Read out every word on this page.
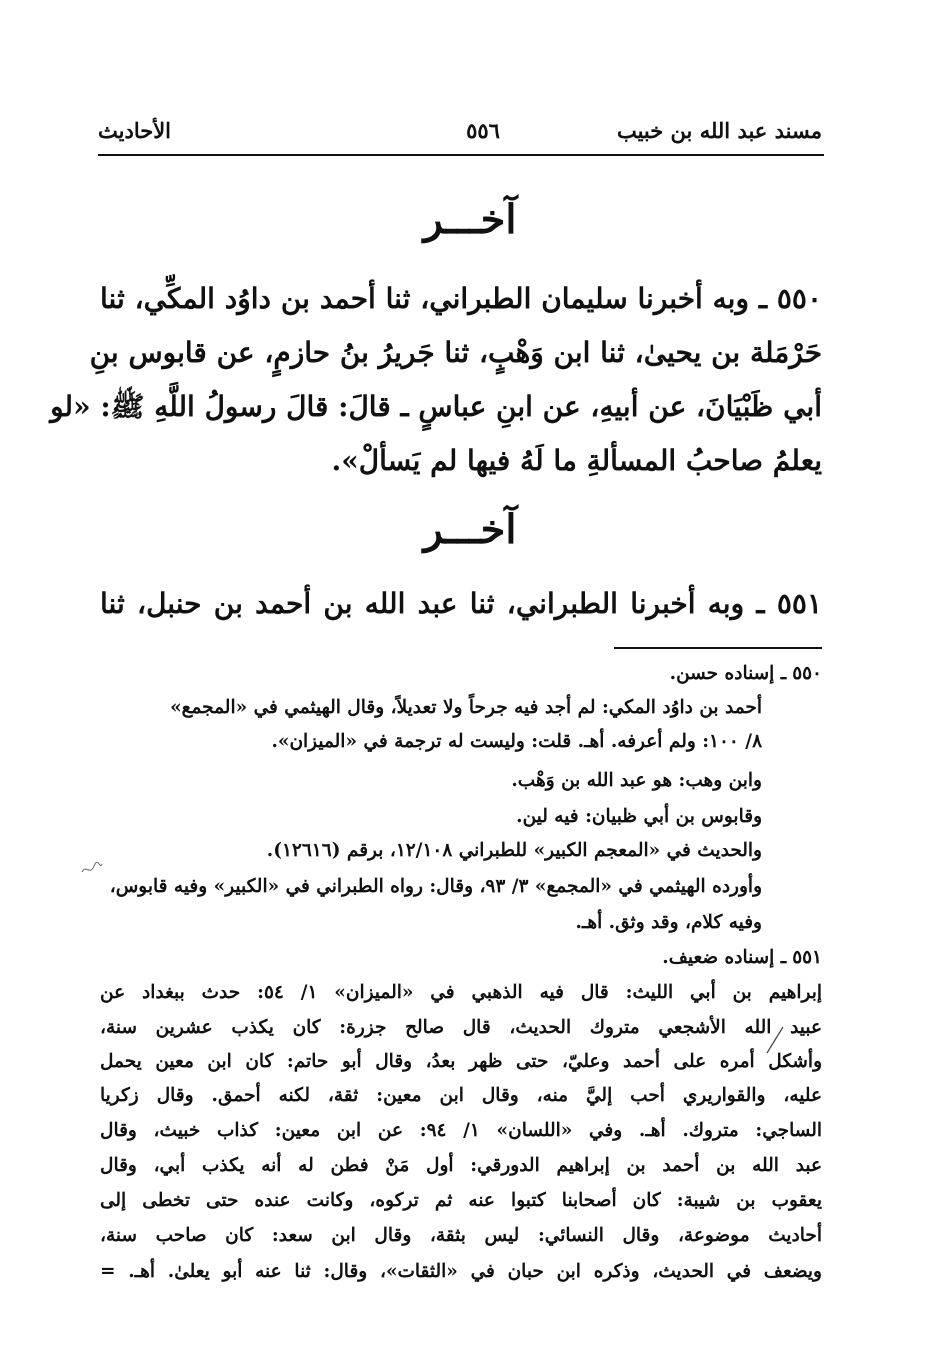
مسند عبد الله بن خبيب
٥٥٦
الأحاديث
آخـــر
٥٥٠ ـ وبه أخبرنا سليمان الطبراني، ثنا أحمد بن داوُد المكِّي، ثنا
حَرْمَلة بن يحيىٰ، ثنا ابن وَهْبٍ، ثنا جَريرُ بنُ حازمٍ، عن قابوس بنِ
أبي ظَبْيَانَ، عن أبيهِ، عن ابنِ عباسٍ ـ قالَ: قالَ رسولُ اللَّهِ ﷺ: «لو
يعلمُ صاحبُ المسألةِ ما لَهُ فيها لم يَسألْ».
آخـــر
٥٥١ ـ وبه أخبرنا الطبراني، ثنا عبد الله بن أحمد بن حنبل، ثنا
٥٥٠ـ إسناده حسن.
أحمد بن داوُد المكي: لم أجد فيه جرحاً ولا تعديلاً، وقال الهيثمي في «المجمع»
٨/ ١٠٠: ولم أعرفه. أهـ. قلت: وليست له ترجمة في «الميزان».
وابن وهب: هو عبد الله بن وَهْب.
وقابوس بن أبي ظبيان: فيه لين.
والحديث في «المعجم الكبير» للطبراني ١٢/١٠٨، برقم (١٢٦١٦).
وأورده الهيثمي في «المجمع» ٣/ ٩٣، وقال: رواه الطبراني في «الكبير» وفيه قابوس،
وفيه كلام، وقد وثق. أهـ.
٥٥١ـ إسناده ضعيف.
إبراهيم بن أبي الليث: قال فيه الذهبي في «الميزان» ١/ ٥٤: حدث ببغداد عن
عبيد الله الأشجعي متروك الحديث، قال صالح جزرة: كان يكذب عشرين سنة،
وأشكل أمره على أحمد وعليّ، حتى ظهر بعدُ، وقال أبو حاتم: كان ابن معين يحمل
عليه، والقواريري أحب إليَّ منه، وقال ابن معين: ثقة، لكنه أحمق. وقال زكريا
الساجي: متروك. أهـ. وفي «اللسان» ١/ ٩٤: عن ابن معين: كذاب خبيث، وقال
عبد الله بن أحمد بن إبراهيم الدورقي: أول مَنْ فطن له أنه يكذب أبي، وقال
يعقوب بن شيبة: كان أصحابنا كتبوا عنه ثم تركوه، وكانت عنده حتى تخطى إلى
أحاديث موضوعة، وقال النسائي: ليس بثقة، وقال ابن سعد: كان صاحب سنة،
ويضعف في الحديث، وذكره ابن حبان في «الثقات»، وقال: ثنا عنه أبو يعلىٰ. أهـ. =
